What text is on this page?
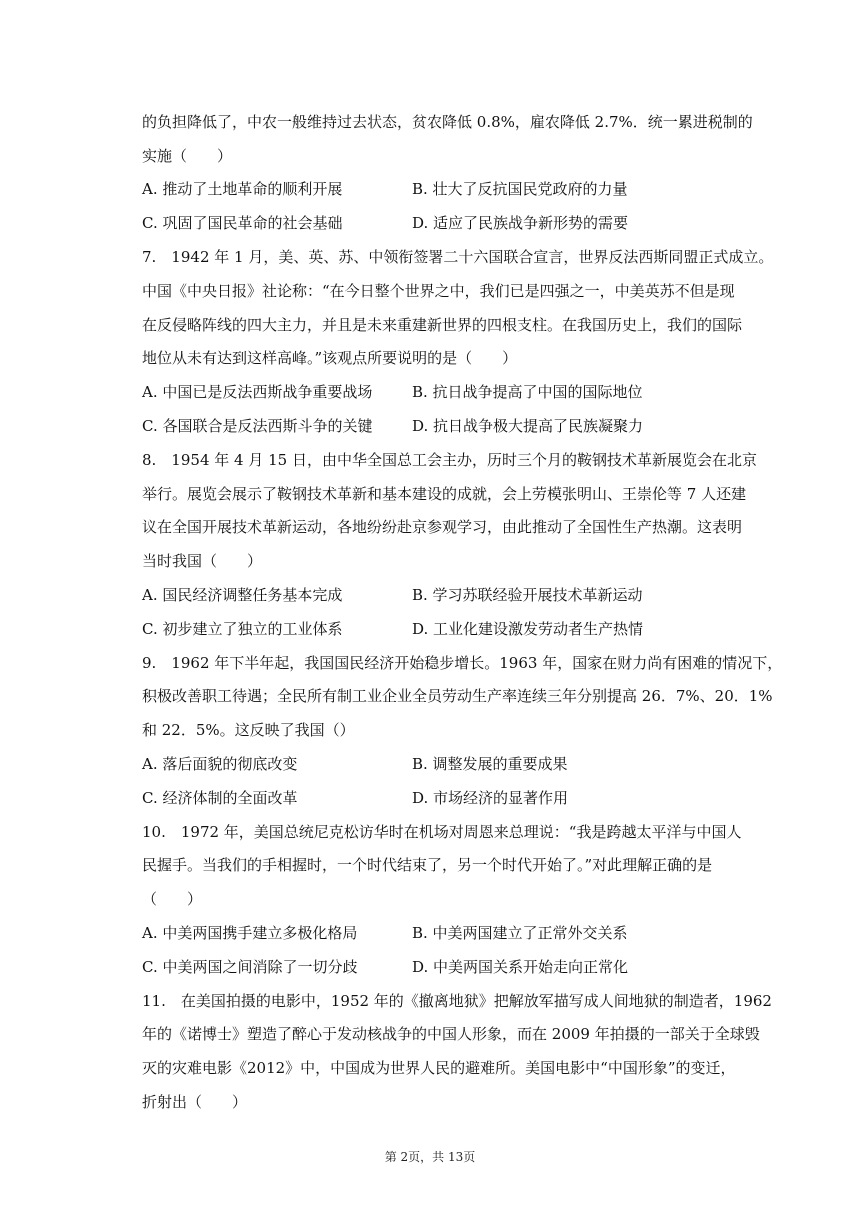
的负担降低了，中农一般维持过去状态，贫农降低 0.8%，雇农降低 2.7%．统一累进税制的
实施（　　）
A. 推动了土地革命的顺利开展	B. 壮大了反抗国民党政府的力量
C. 巩固了国民革命的社会基础	D. 适应了民族战争新形势的需要
7.　1942 年 1 月，美、英、苏、中领衔签署二十六国联合宣言，世界反法西斯同盟正式成立。
中国《中央日报》社论称：“在今日整个世界之中，我们已是四强之一，中美英苏不但是现
在反侵略阵线的四大主力，并且是未来重建新世界的四根支柱。在我国历史上，我们的国际
地位从未有达到这样高峰。”该观点所要说明的是（　　）
A. 中国已是反法西斯战争重要战场	B. 抗日战争提高了中国的国际地位
C. 各国联合是反法西斯斗争的关键	D. 抗日战争极大提高了民族凝聚力
8.　1954 年 4 月 15 日，由中华全国总工会主办，历时三个月的鞍钢技术革新展览会在北京
举行。展览会展示了鞍钢技术革新和基本建设的成就，会上劳模张明山、王崇伦等 7 人还建
议在全国开展技术革新运动，各地纷纷赴京参观学习，由此推动了全国性生产热潮。这表明
当时我国（　　）
A. 国民经济调整任务基本完成	B. 学习苏联经验开展技术革新运动
C. 初步建立了独立的工业体系	D. 工业化建设激发劳动者生产热情
9.　1962 年下半年起，我国国民经济开始稳步增长。1963 年，国家在财力尚有困难的情况下，
积极改善职工待遇；全民所有制工业企业全员劳动生产率连续三年分别提高 26．7%、20．1%
和 22．5%。这反映了我国（）
A. 落后面貌的彻底改变	B. 调整发展的重要成果
C. 经济体制的全面改革	D. 市场经济的显著作用
10.　1972 年，美国总统尼克松访华时在机场对周恩来总理说：“我是跨越太平洋与中国人
民握手。当我们的手相握时，一个时代结束了，另一个时代开始了。”对此理解正确的是
（　　）
A. 中美两国携手建立多极化格局	B. 中美两国建立了正常外交关系
C. 中美两国之间消除了一切分歧	D. 中美两国关系开始走向正常化
11.　在美国拍摄的电影中，1952 年的《撤离地狱》把解放军描写成人间地狱的制造者，1962
年的《诺博士》塑造了醉心于发动核战争的中国人形象，而在 2009 年拍摄的一部关于全球毁
灭的灾难电影《2012》中，中国成为世界人民的避难所。美国电影中“中国形象”的变迁，
折射出（　　）
第 2页，共 13页
